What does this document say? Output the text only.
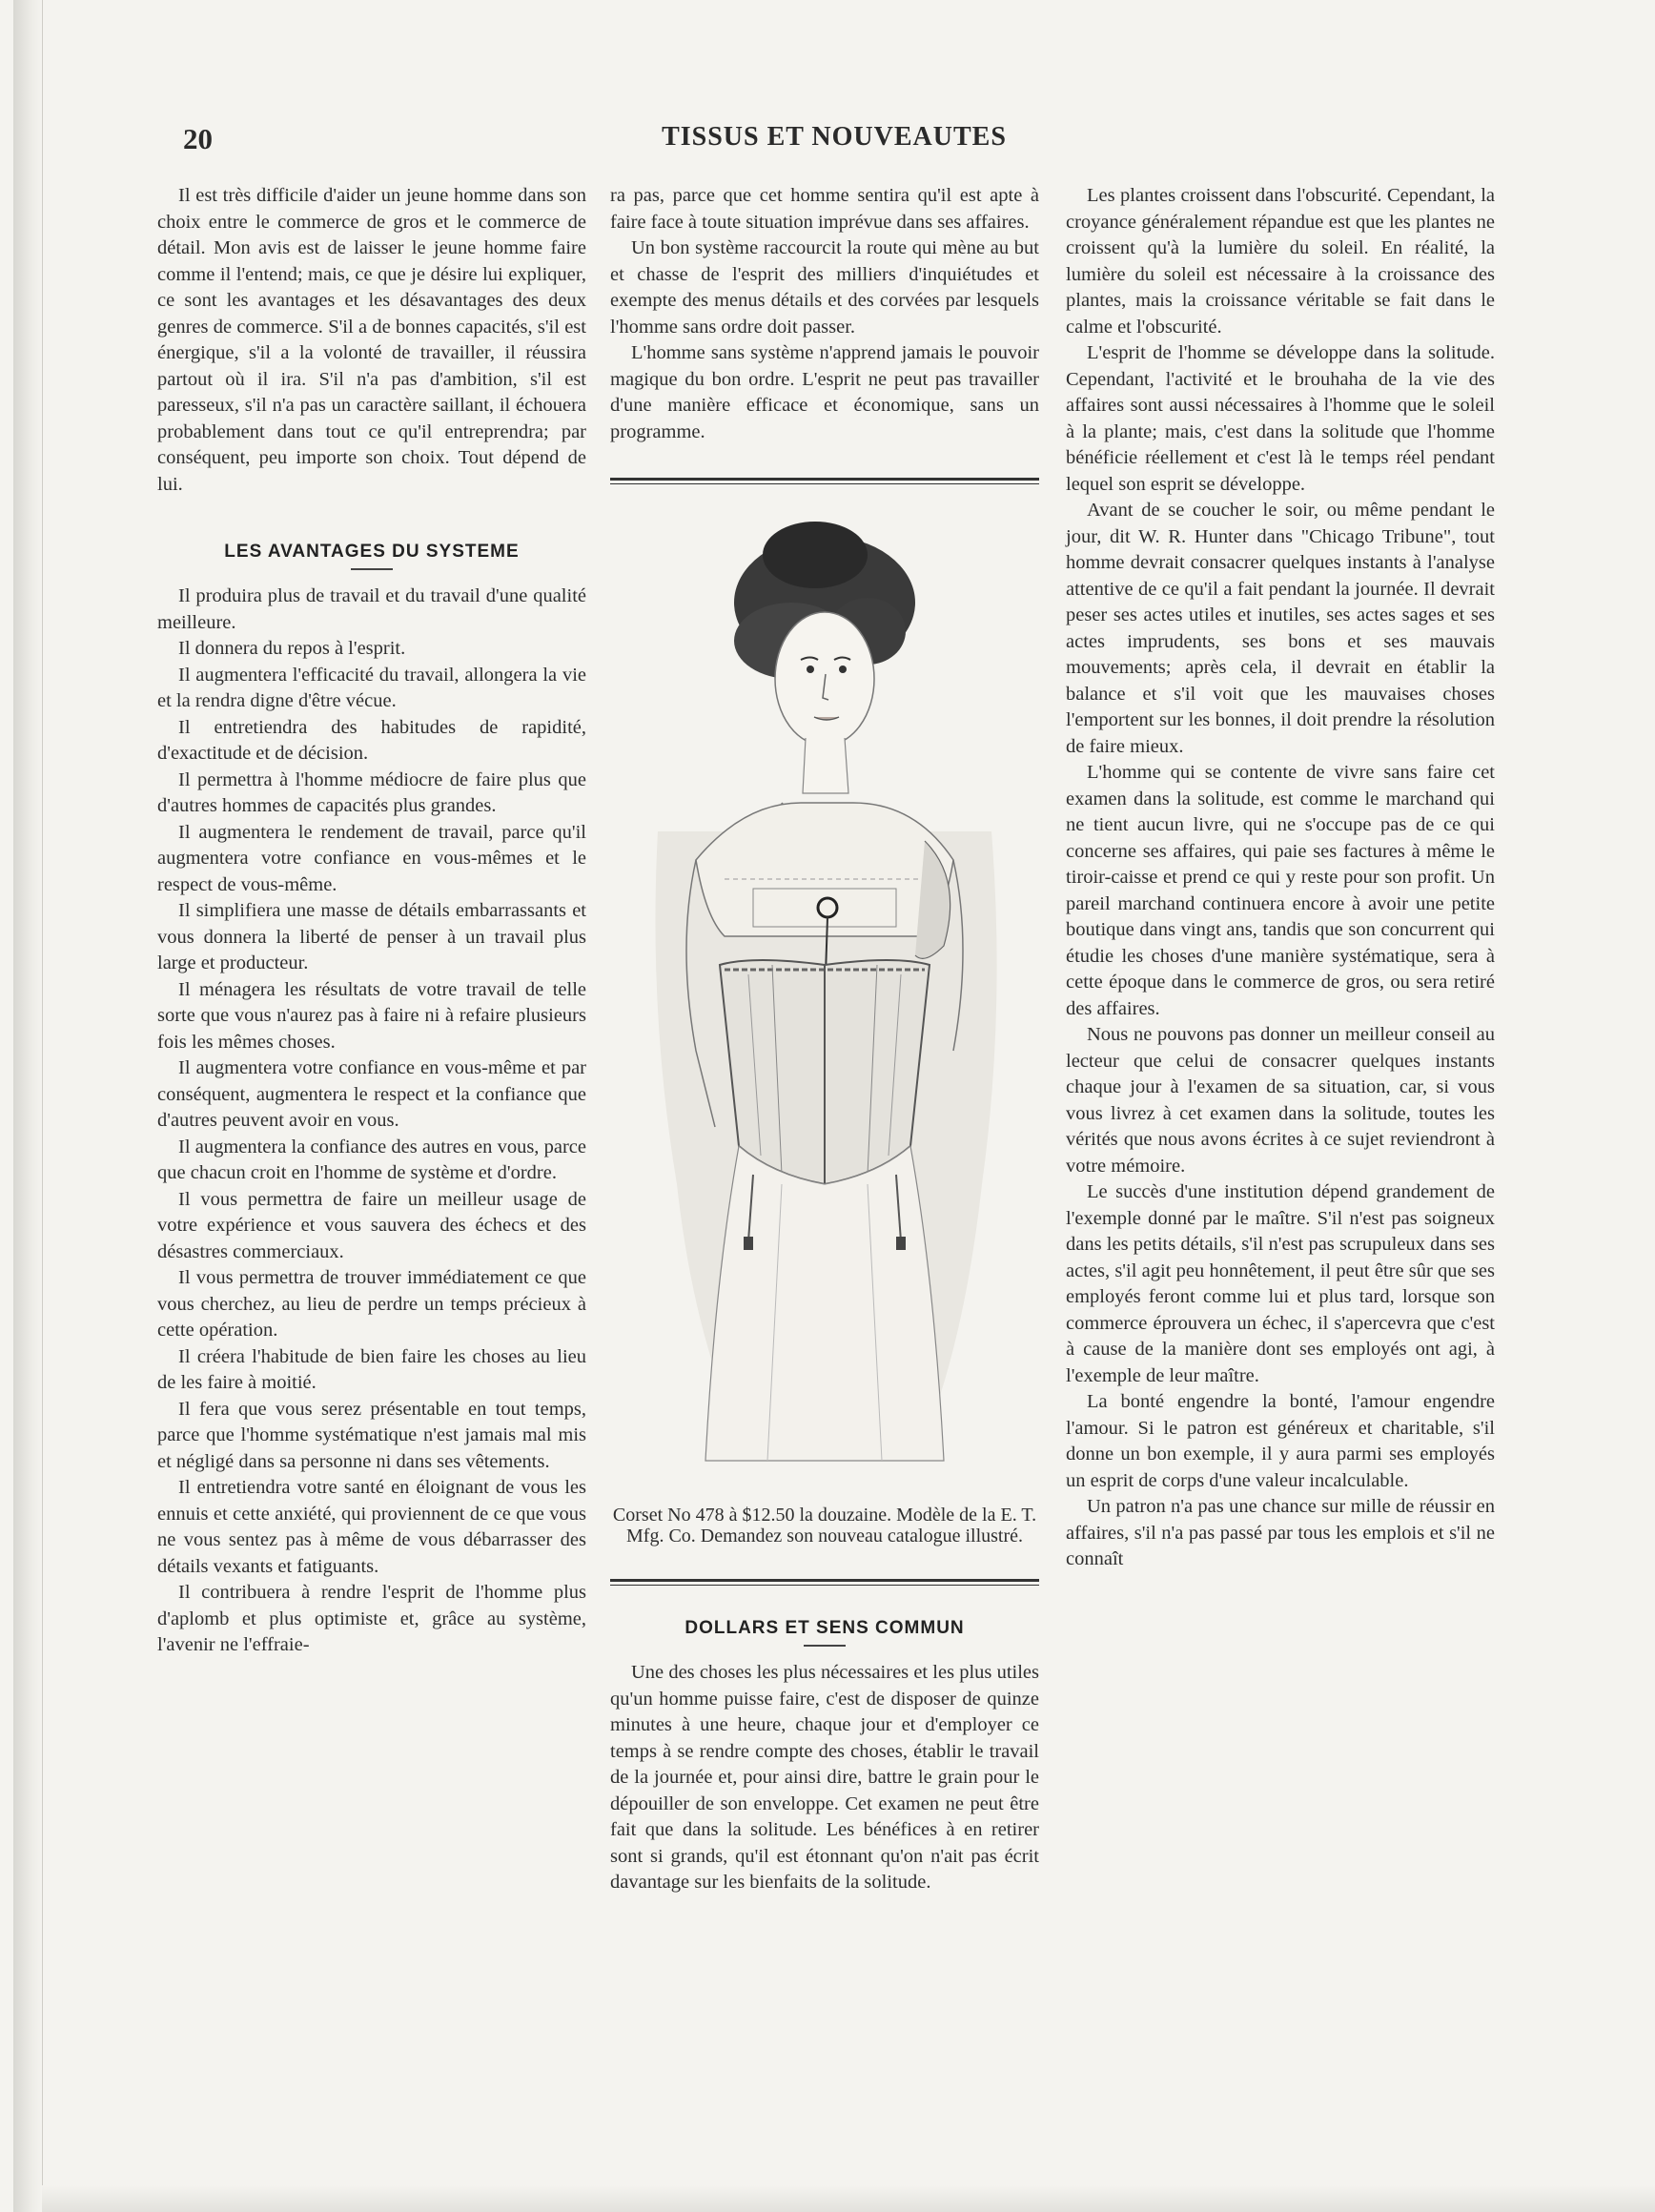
20	TISSUS ET NOUVEAUTES

Il est très difficile d'aider un jeune homme dans son choix entre le commerce de gros et le commerce de détail. Mon avis est de laisser le jeune homme faire comme il l'entend; mais, ce que je désire lui expliquer, ce sont les avantages et les désavantages des deux genres de commerce. S'il a de bonnes capacités, s'il est énergique, s'il a la volonté de travailler, il réussira partout où il ira. S'il n'a pas d'ambition, s'il est paresseux, s'il n'a pas un caractère saillant, il échouera probablement dans tout ce qu'il entreprendra; par conséquent, peu importe son choix. Tout dépend de lui.

LES AVANTAGES DU SYSTEME

Il produira plus de travail et du travail d'une qualité meilleure.

Il donnera du repos à l'esprit.

Il augmentera l'efficacité du travail, allongera la vie et la rendra digne d'être vécue.

Il entretiendra des habitudes de rapidité, d'exactitude et de décision.

Il permettra à l'homme médiocre de faire plus que d'autres hommes de capacités plus grandes.

Il augmentera le rendement de travail, parce qu'il augmentera votre confiance en vous-mêmes et le respect de vous-même.

Il simplifiera une masse de détails embarrassants et vous donnera la liberté de penser à un travail plus large et producteur.

Il ménagera les résultats de votre travail de telle sorte que vous n'aurez pas à faire ni à refaire plusieurs fois les mêmes choses.

Il augmentera votre confiance en vous-même et par conséquent, augmentera le respect et la confiance que d'autres peuvent avoir en vous.

Il augmentera la confiance des autres en vous, parce que chacun croit en l'homme de système et d'ordre.

Il vous permettra de faire un meilleur usage de votre expérience et vous sauvera des échecs et des désastres commerciaux.

Il vous permettra de trouver immédiatement ce que vous cherchez, au lieu de perdre un temps précieux à cette opération.

Il créera l'habitude de bien faire les choses au lieu de les faire à moitié.

Il fera que vous serez présentable en tout temps, parce que l'homme systématique n'est jamais mal mis et négligé dans sa personne ni dans ses vêtements.

Il entretiendra votre santé en éloignant de vous les ennuis et cette anxiété, qui proviennent de ce que vous ne vous sentez pas à même de vous débarrasser des détails vexants et fatiguants.

Il contribuera à rendre l'esprit de l'homme plus d'aplomb et plus optimiste et, grâce au système, l'avenir ne l'effraie-

ra pas, parce que cet homme sentira qu'il est apte à faire face à toute situation imprévue dans ses affaires.

Un bon système raccourcit la route qui mène au but et chasse de l'esprit des milliers d'inquiétudes et exempte des menus détails et des corvées par lesquels l'homme sans ordre doit passer.

L'homme sans système n'apprend jamais le pouvoir magique du bon ordre. L'esprit ne peut pas travailler d'une manière efficace et économique, sans un programme.

Corset No 478 à $12.50 la douzaine. Modèle de la E. T. Mfg. Co. Demandez son nouveau catalogue illustré.

DOLLARS ET SENS COMMUN

Une des choses les plus nécessaires et les plus utiles qu'un homme puisse faire, c'est de disposer de quinze minutes à une heure, chaque jour et d'employer ce temps à se rendre compte des choses, établir le travail de la journée et, pour ainsi dire, battre le grain pour le dépouiller de son enveloppe. Cet examen ne peut être fait que dans la solitude. Les bénéfices à en retirer sont si grands, qu'il est étonnant qu'on n'ait pas écrit davantage sur les bienfaits de la solitude.

Les plantes croissent dans l'obscurité. Cependant, la croyance généralement répandue est que les plantes ne croissent qu'à la lumière du soleil. En réalité, la lumière du soleil est nécessaire à la croissance des plantes, mais la croissance véritable se fait dans le calme et l'obscurité.

L'esprit de l'homme se développe dans la solitude. Cependant, l'activité et le brouhaha de la vie des affaires sont aussi nécessaires à l'homme que le soleil à la plante; mais, c'est dans la solitude que l'homme bénéficie réellement et c'est là le temps réel pendant lequel son esprit se développe.

Avant de se coucher le soir, ou même pendant le jour, dit W. R. Hunter dans "Chicago Tribune", tout homme devrait consacrer quelques instants à l'analyse attentive de ce qu'il a fait pendant la journée. Il devrait peser ses actes utiles et inutiles, ses actes sages et ses actes imprudents, ses bons et ses mauvais mouvements; après cela, il devrait en établir la balance et s'il voit que les mauvaises choses l'emportent sur les bonnes, il doit prendre la résolution de faire mieux.

L'homme qui se contente de vivre sans faire cet examen dans la solitude, est comme le marchand qui ne tient aucun livre, qui ne s'occupe pas de ce qui concerne ses affaires, qui paie ses factures à même le tiroir-caisse et prend ce qui y reste pour son profit. Un pareil marchand continuera encore à avoir une petite boutique dans vingt ans, tandis que son concurrent qui étudie les choses d'une manière systématique, sera à cette époque dans le commerce de gros, ou sera retiré des affaires.

Nous ne pouvons pas donner un meilleur conseil au lecteur que celui de consacrer quelques instants chaque jour à l'examen de sa situation, car, si vous vous livrez à cet examen dans la solitude, toutes les vérités que nous avons écrites à ce sujet reviendront à votre mémoire.

Le succès d'une institution dépend grandement de l'exemple donné par le maître. S'il n'est pas soigneux dans les petits détails, s'il n'est pas scrupuleux dans ses actes, s'il agit peu honnêtement, il peut être sûr que ses employés feront comme lui et plus tard, lorsque son commerce éprouvera un échec, il s'apercevra que c'est à cause de la manière dont ses employés ont agi, à l'exemple de leur maître.

La bonté engendre la bonté, l'amour engendre l'amour. Si le patron est généreux et charitable, s'il donne un bon exemple, il y aura parmi ses employés un esprit de corps d'une valeur incalculable.

Un patron n'a pas une chance sur mille de réussir en affaires, s'il n'a pas passé par tous les emplois et s'il ne connaît
